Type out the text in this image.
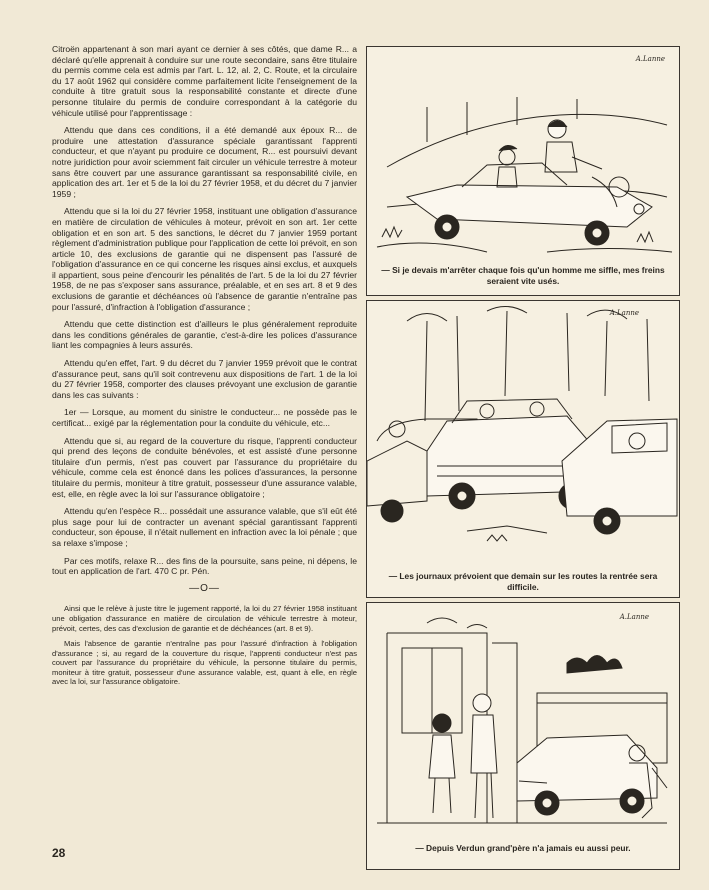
Citroën appartenant à son mari ayant ce dernier à ses côtés, que dame R... a déclaré qu'elle apprenait à conduire sur une route secondaire, sans être titulaire du permis comme cela est admis par l'art. L. 12, al. 2, C. Route, et la circulaire du 17 août 1962 qui considère comme parfaitement licite l'enseignement de la conduite à titre gratuit sous la responsabilité constante et directe d'une personne titulaire du permis de conduire correspondant à la catégorie du véhicule utilisé pour l'apprentissage :

Attendu que dans ces conditions, il a été demandé aux époux R... de produire une attestation d'assurance spéciale garantissant l'apprenti conducteur, et que n'ayant pu produire ce document, R... est poursuivi devant notre juridiction pour avoir sciemment fait circuler un véhicule terrestre à moteur sans être couvert par une assurance garantissant sa responsabilité civile, en application des art. 1er et 5 de la loi du 27 février 1958, et du décret du 7 janvier 1959 ;

Attendu que si la loi du 27 février 1958, instituant une obligation d'assurance en matière de circulation de véhicules à moteur, prévoit en son art. 1er cette obligation et en son art. 5 des sanctions, le décret du 7 janvier 1959 portant règlement d'administration publique pour l'application de cette loi prévoit, en son article 10, des exclusions de garantie qui ne dispensent pas l'assuré de l'obligation d'assurance en ce qui concerne les risques ainsi exclus, et auxquels il appartient, sous peine d'encourir les pénalités de l'art. 5 de la loi du 27 février 1958, de ne pas s'exposer sans assurance, préalable, et en ses art. 8 et 9 des exclusions de garantie et déchéances où l'absence de garantie n'entraîne pas pour l'assuré, d'infraction à l'obligation d'assurance ;

Attendu que cette distinction est d'ailleurs le plus généralement reproduite dans les conditions générales de garantie, c'est-à-dire les polices d'assurance liant les compagnies à leurs assurés.

Attendu qu'en effet, l'art. 9 du décret du 7 janvier 1959 prévoit que le contrat d'assurance peut, sans qu'il soit contrevenu aux dispositions de l'art. 1 de la loi du 27 février 1958, comporter des clauses prévoyant une exclusion de garantie dans les cas suivants :

1er — Lorsque, au moment du sinistre le conducteur... ne possède pas le certificat... exigé par la réglementation pour la conduite du véhicule, etc...

Attendu que si, au regard de la couverture du risque, l'apprenti conducteur qui prend des leçons de conduite bénévoles, et est assisté d'une personne titulaire d'un permis, n'est pas couvert par l'assurance du propriétaire du véhicule, comme cela est énoncé dans les polices d'assurances, la personne titulaire du permis, moniteur à titre gratuit, possesseur d'une assurance valable, est, elle, en règle avec la loi sur l'assurance obligatoire ;

Attendu qu'en l'espèce R... possédait une assurance valable, que s'il eût été plus sage pour lui de contracter un avenant spécial garantissant l'apprenti conducteur, son épouse, il n'était nullement en infraction avec la loi pénale ; que sa relaxe s'impose ;

Par ces motifs, relaxe R... des fins de la poursuite, sans peine, ni dépens, le tout en application de l'art. 470 C pr. Pén.

—O—

Ainsi que le relève à juste titre le jugement rapporté, la loi du 27 février 1958 instituant une obligation d'assurance en matière de circulation de véhicule terrestre à moteur, prévoit, certes, des cas d'exclusion de garantie et de déchéances (art. 8 et 9).

Mais l'absence de garantie n'entraîne pas pour l'assuré d'infraction à l'obligation d'assurance ; si, au regard de la couverture du risque, l'apprenti conducteur n'est pas couvert par l'assurance du propriétaire du véhicule, la personne titulaire du permis, moniteur à titre gratuit, possesseur d'une assurance valable, est, quant à elle, en règle avec la loi, sur l'assurance obligatoire.

28
A.Lanne
— Si je devais m'arrêter chaque fois qu'un homme me siffle, mes freins seraient vite usés.
A.Lanne
— Les journaux prévoient que demain sur les routes la rentrée sera difficile.
A.Lanne
— Depuis Verdun grand'père n'a jamais eu aussi peur.
